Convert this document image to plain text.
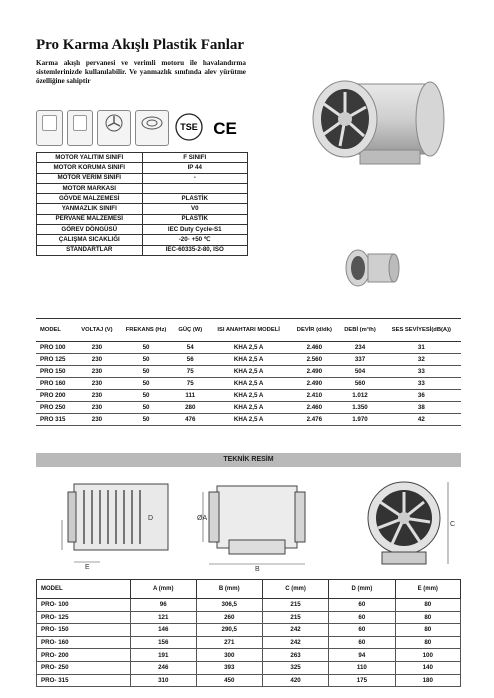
Pro Karma Akışlı Plastik Fanlar
Karma akışlı pervanesi ve verimli motoru ile havalandırma sistemlerinizde kullanılabilir. Ve yanmazlık sınıfında alev yürütme özelliğine sahiptir
TSE CE
MOTOR YALITIM SINIFI	F SINIFI
MOTOR KORUMA SINIFI	IP 44
MOTOR VERİM SINIFI	-
MOTOR MARKASI	
GÖVDE MALZEMESİ	PLASTİK
YANMAZLIK SINIFI	V0
PERVANE MALZEMESİ	PLASTİK
GÖREV DÖNGÜSÜ	IEC Duty Cycle-S1
ÇALIŞMA SICAKLIĞI	-20◦ +50 ℃
STANDARTLAR	IEC-60335-2-80, ISO
MODEL	VOLTAJ (V)	FREKANS (Hz)	GÜÇ (W)	ISI ANAHTARI MODELİ	DEVİR (d/dk)	DEBİ (m³/h)	SES SEVİYESİ(dB(A))
PRO 100	230	50	54	KHA 2,5 A	2.460	234	31
PRO 125	230	50	56	KHA 2,5 A	2.560	337	32
PRO 150	230	50	75	KHA 2,5 A	2.490	504	33
PRO 160	230	50	75	KHA 2,5 A	2.490	560	33
PRO 200	230	50	111	KHA 2,5 A	2.410	1.012	36
PRO 250	230	50	280	KHA 2,5 A	2.460	1.350	38
PRO 315	230	50	476	KHA 2,5 A	2.476	1.970	42
TEKNİK RESİM
D
E
ØA
B
C
MODEL	A (mm)	B (mm)	C (mm)	D (mm)	E (mm)
PRO- 100	96	306,5	215	60	80
PRO- 125	121	260	215	60	80
PRO- 150	146	290,5	242	60	80
PRO- 160	156	271	242	60	80
PRO- 200	191	300	263	94	100
PRO- 250	246	393	325	110	140
PRO- 315	310	450	420	175	180
